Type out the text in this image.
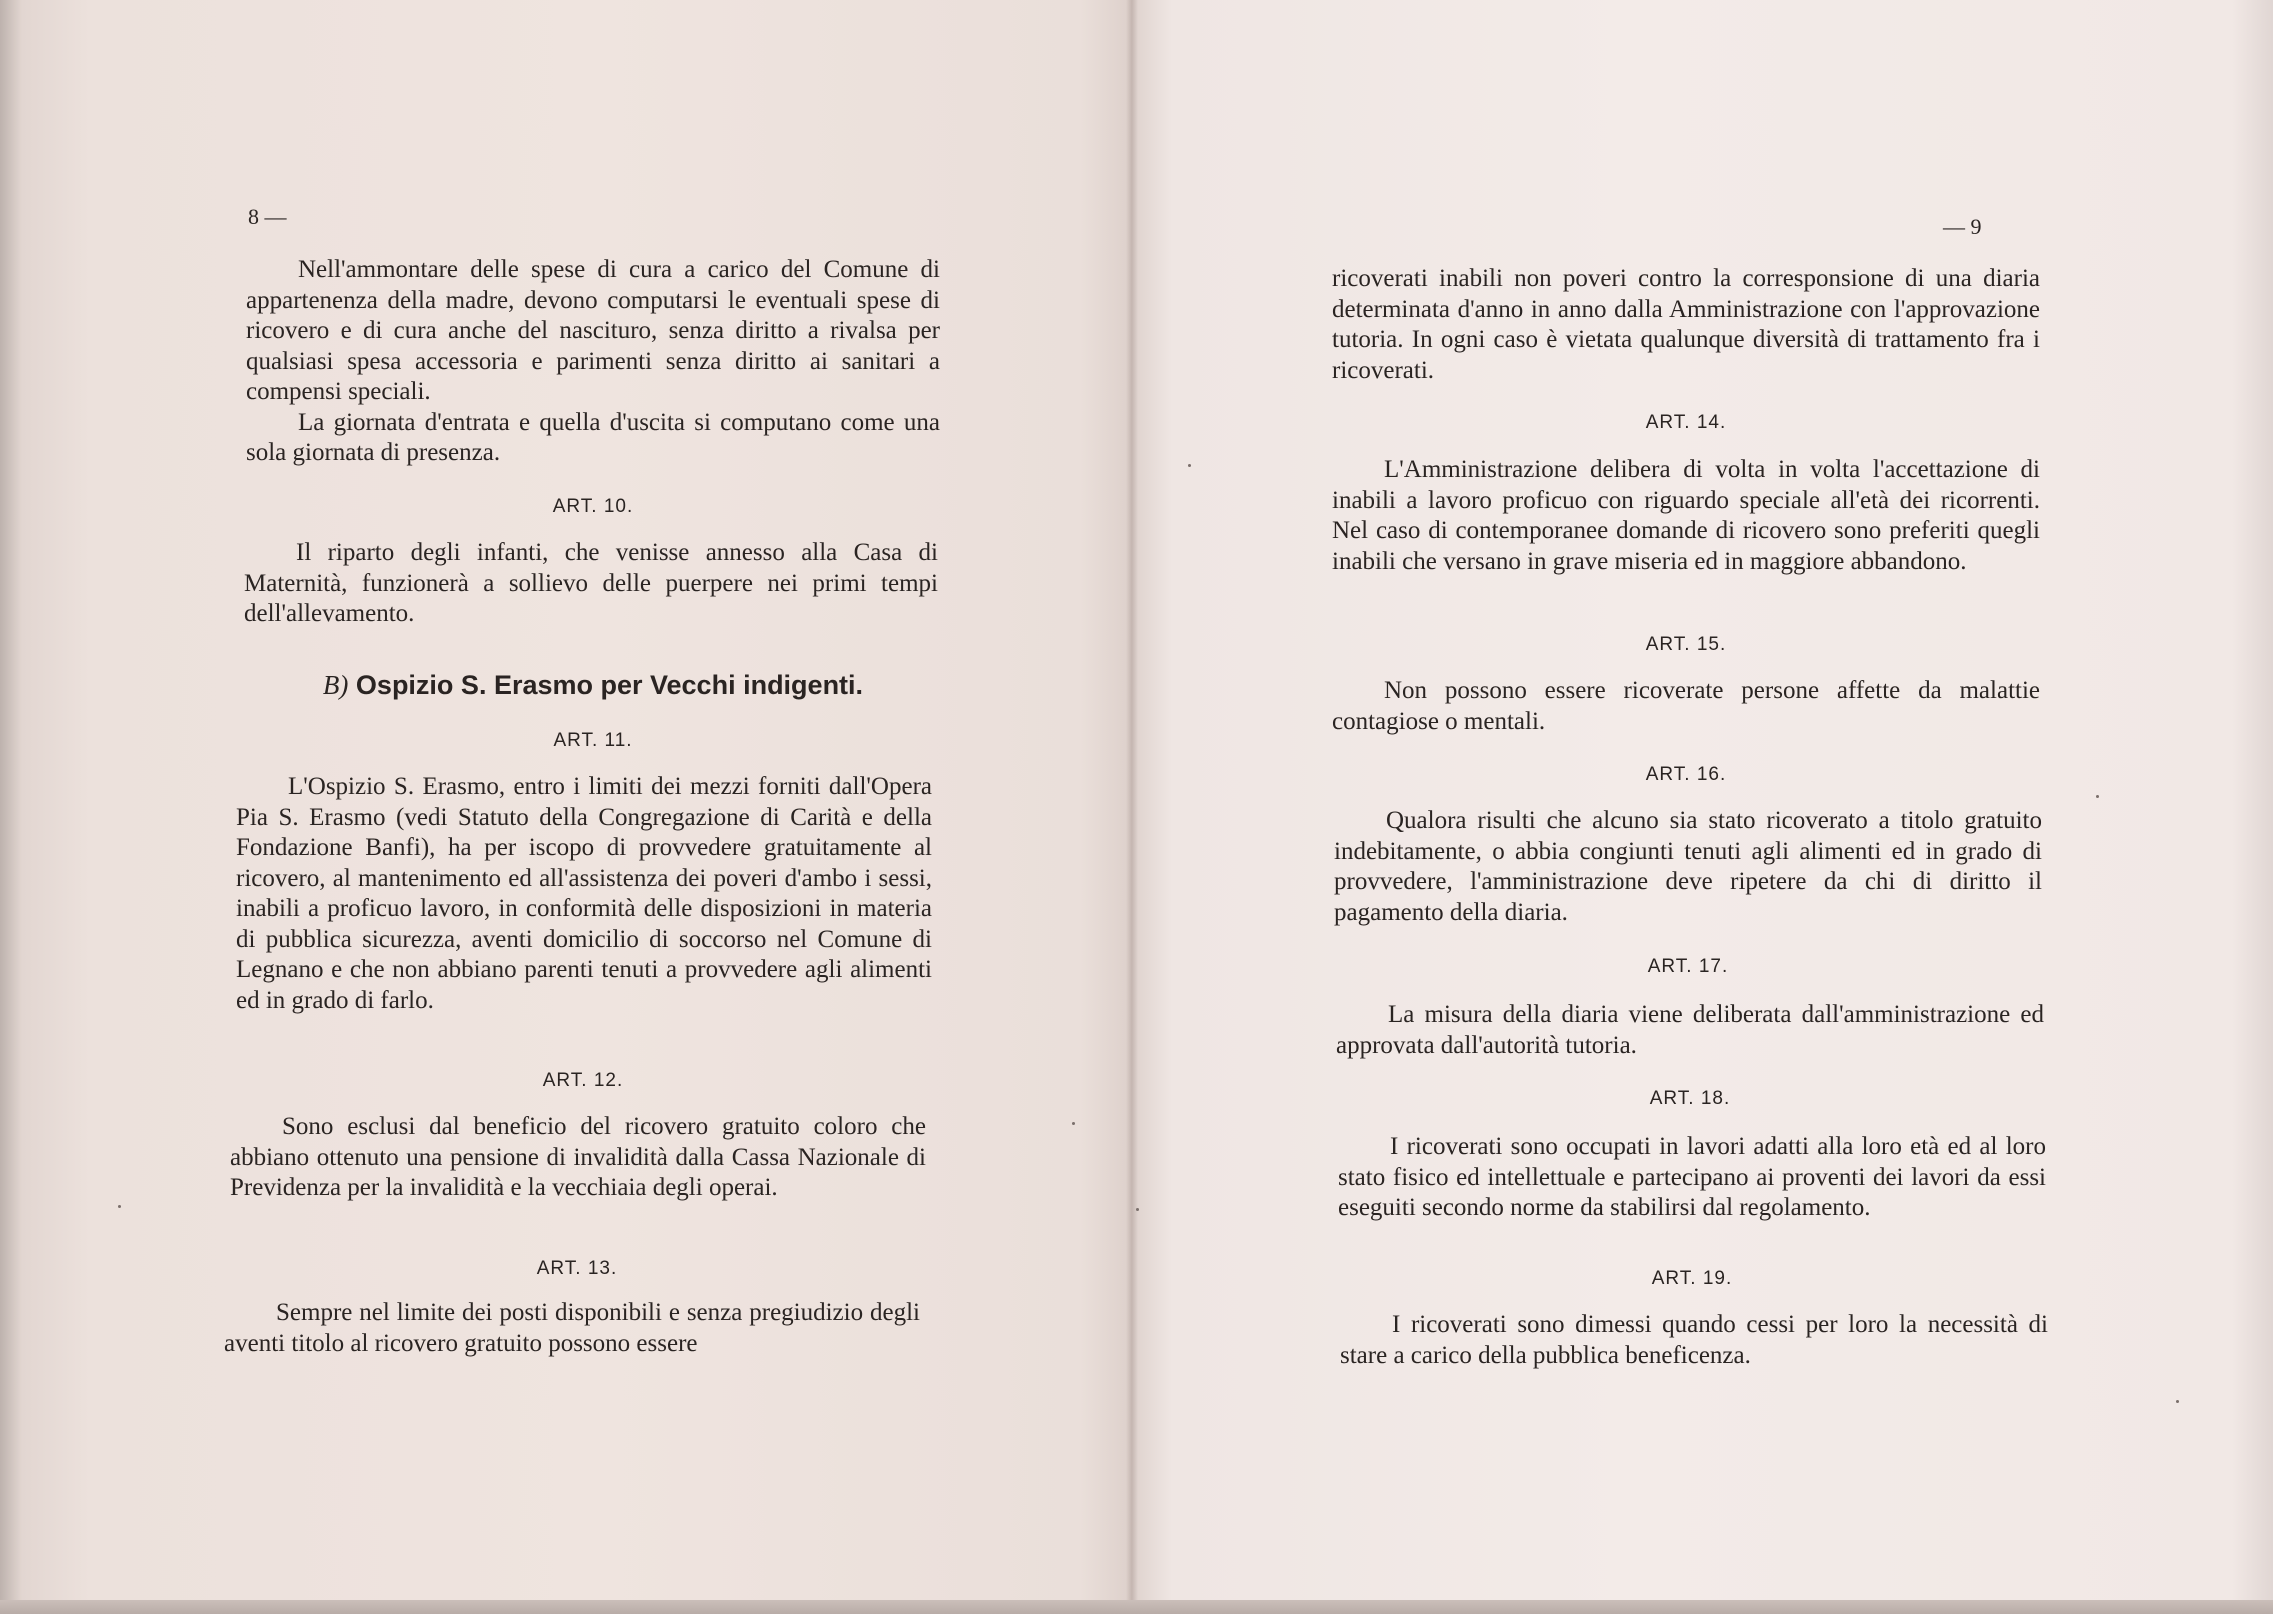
8 —

Nell'ammontare delle spese di cura a carico del Comune di appartenenza della madre, devono computarsi le eventuali spese di ricovero e di cura anche del nascituro, senza diritto a rivalsa per qualsiasi spesa accessoria e parimenti senza diritto ai sanitari a compensi speciali.

La giornata d'entrata e quella d'uscita si computano come una sola giornata di presenza.

ART. 10.

Il riparto degli infanti, che venisse annesso alla Casa di Maternità, funzionerà a sollievo delle puerpere nei primi tempi dell'allevamento.

B) Ospizio S. Erasmo per Vecchi indigenti.
ART. 11.

L'Ospizio S. Erasmo, entro i limiti dei mezzi forniti dall'Opera Pia S. Erasmo (vedi Statuto della Congregazione di Carità e della Fondazione Banfi), ha per iscopo di provvedere gratuitamente al ricovero, al mantenimento ed all'assistenza dei poveri d'ambo i sessi, inabili a proficuo lavoro, in conformità delle disposizioni in materia di pubblica sicurezza, aventi domicilio di soccorso nel Comune di Legnano e che non abbiano parenti tenuti a provvedere agli alimenti ed in grado di farlo.

ART. 12.

Sono esclusi dal beneficio del ricovero gratuito coloro che abbiano ottenuto una pensione di invalidità dalla Cassa Nazionale di Previdenza per la invalidità e la vecchiaia degli operai.

ART. 13.

Sempre nel limite dei posti disponibili e senza pregiudizio degli aventi titolo al ricovero gratuito possono essere

— 9

ricoverati inabili non poveri contro la corresponsione di una diaria determinata d'anno in anno dalla Amministrazione con l'approvazione tutoria. In ogni caso è vietata qualunque diversità di trattamento fra i ricoverati.

ART. 14.

L'Amministrazione delibera di volta in volta l'accettazione di inabili a lavoro proficuo con riguardo speciale all'età dei ricorrenti. Nel caso di contemporanee domande di ricovero sono preferiti quegli inabili che versano in grave miseria ed in maggiore abbandono.

ART. 15.

Non possono essere ricoverate persone affette da malattie contagiose o mentali.

ART. 16.

Qualora risulti che alcuno sia stato ricoverato a titolo gratuito indebitamente, o abbia congiunti tenuti agli alimenti ed in grado di provvedere, l'amministrazione deve ripetere da chi di diritto il pagamento della diaria.

ART. 17.

La misura della diaria viene deliberata dall'amministrazione ed approvata dall'autorità tutoria.

ART. 18.

I ricoverati sono occupati in lavori adatti alla loro età ed al loro stato fisico ed intellettuale e partecipano ai proventi dei lavori da essi eseguiti secondo norme da stabilirsi dal regolamento.

ART. 19.

I ricoverati sono dimessi quando cessi per loro la necessità di stare a carico della pubblica beneficenza.
